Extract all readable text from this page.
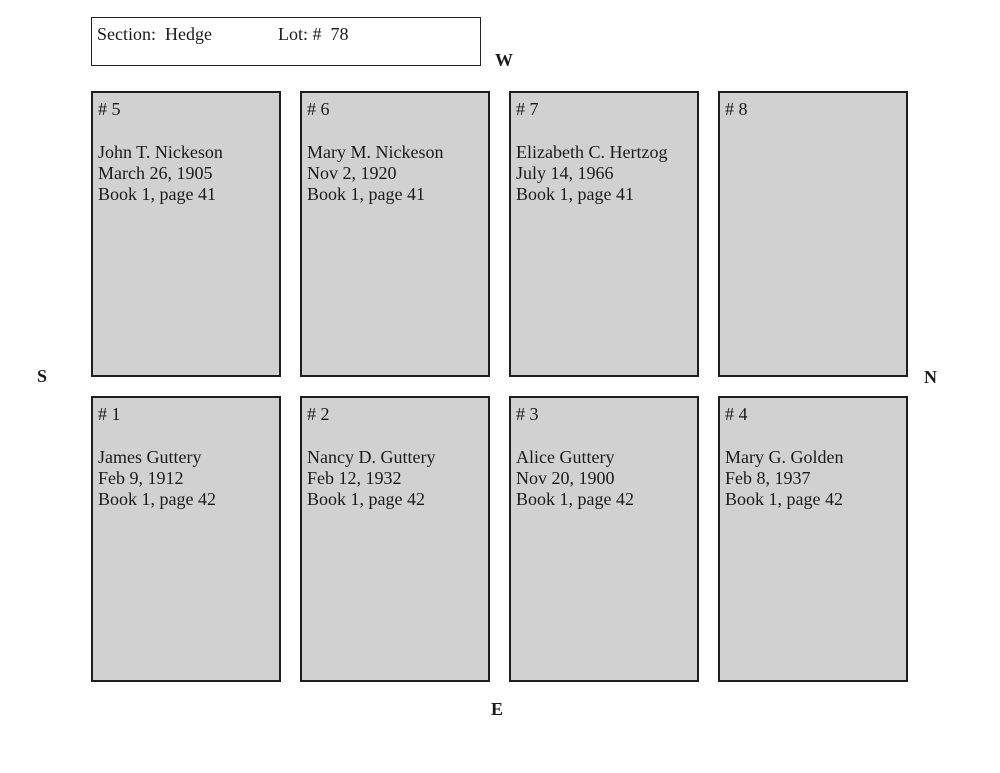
Section:  Hedge	Lot: #  78
W
S	N
E
# 5
John T. Nickeson
March 26, 1905
Book 1, page 41
# 6
Mary M. Nickeson
Nov 2, 1920
Book 1, page 41
# 7
Elizabeth C. Hertzog
July 14, 1966
Book 1, page 41
# 8
# 1
James Guttery
Feb 9, 1912
Book 1, page 42
# 2
Nancy D. Guttery
Feb 12, 1932
Book 1, page 42
# 3
Alice Guttery
Nov 20, 1900
Book 1, page 42
# 4
Mary G. Golden
Feb 8, 1937
Book 1, page 42
